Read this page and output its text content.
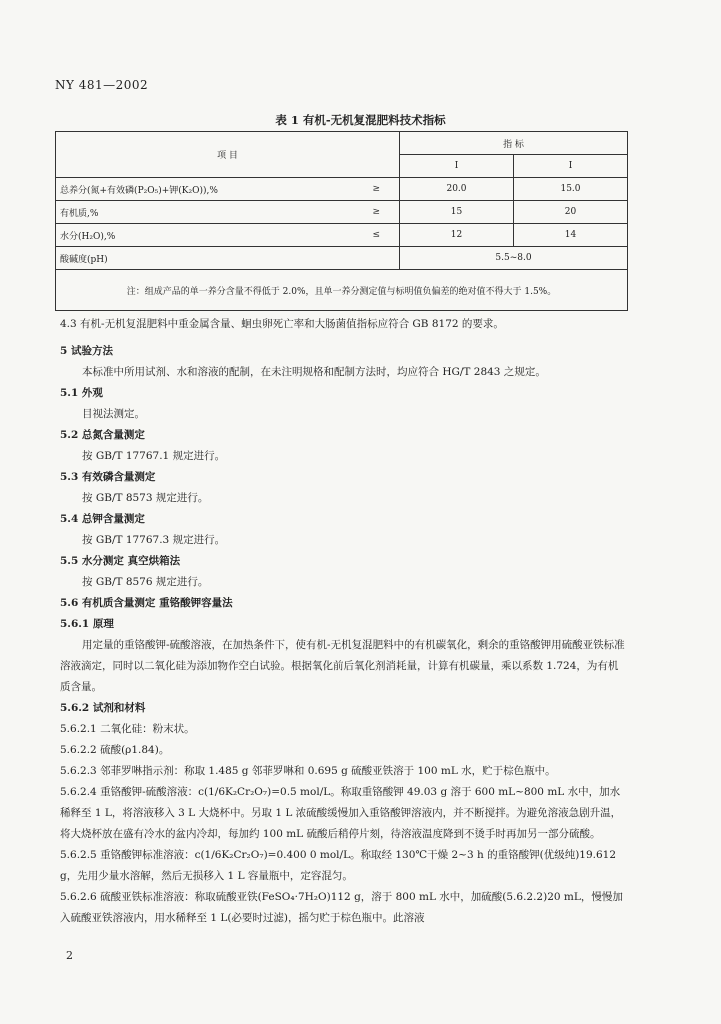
NY 481—2002
表 1 有机-无机复混肥料技术指标
项 目		指 标	
		I	I
总养分(氮+有效磷(P₂O₅)+钾(K₂O)),%	≥	20.0	15.0
有机质,%	≥	15	20
水分(H₂O),%	≤	12	14
酸碱度(pH)		5.5~8.0	
注：组成产品的单一养分含量不得低于 2.0%，且单一养分测定值与标明值负偏差的绝对值不得大于 1.5%。			
4.3 有机-无机复混肥料中重金属含量、蛔虫卵死亡率和大肠菌值指标应符合 GB 8172 的要求。
5 试验方法
本标准中所用试剂、水和溶液的配制，在未注明规格和配制方法时，均应符合 HG/T 2843 之规定。
5.1 外观
目视法测定。
5.2 总氮含量测定
按 GB/T 17767.1 规定进行。
5.3 有效磷含量测定
按 GB/T 8573 规定进行。
5.4 总钾含量测定
按 GB/T 17767.3 规定进行。
5.5 水分测定 真空烘箱法
按 GB/T 8576 规定进行。
5.6 有机质含量测定 重铬酸钾容量法
5.6.1 原理
用定量的重铬酸钾-硫酸溶液，在加热条件下，使有机-无机复混肥料中的有机碳氧化，剩余的重铬酸钾用硫酸亚铁标准溶液滴定，同时以二氧化硅为添加物作空白试验。根据氧化前后氧化剂消耗量，计算有机碳量，乘以系数 1.724，为有机质含量。
5.6.2 试剂和材料
5.6.2.1 二氧化硅：粉末状。
5.6.2.2 硫酸(ρ1.84)。
5.6.2.3 邻菲罗啉指示剂：称取 1.485 g 邻菲罗啉和 0.695 g 硫酸亚铁溶于 100 mL 水，贮于棕色瓶中。
5.6.2.4 重铬酸钾-硫酸溶液：c(1/6K₂Cr₂O₇)=0.5 mol/L。称取重铬酸钾 49.03 g 溶于 600 mL~800 mL 水中，加水稀释至 1 L，将溶液移入 3 L 大烧杯中。另取 1 L 浓硫酸缓慢加入重铬酸钾溶液内，并不断搅拌。为避免溶液急剧升温，将大烧杯放在盛有冷水的盆内冷却，每加约 100 mL 硫酸后稍停片刻，待溶液温度降到不烫手时再加另一部分硫酸。
5.6.2.5 重铬酸钾标准溶液：c(1/6K₂Cr₂O₇)=0.400 0 mol/L。称取经 130℃干燥 2~3 h 的重铬酸钾(优级纯)19.612 g，先用少量水溶解，然后无损移入 1 L 容量瓶中，定容混匀。
5.6.2.6 硫酸亚铁标准溶液：称取硫酸亚铁(FeSO₄·7H₂O)112 g，溶于 800 mL 水中，加硫酸(5.6.2.2)20 mL，慢慢加入硫酸亚铁溶液内，用水稀释至 1 L(必要时过滤)，摇匀贮于棕色瓶中。此溶液
2
